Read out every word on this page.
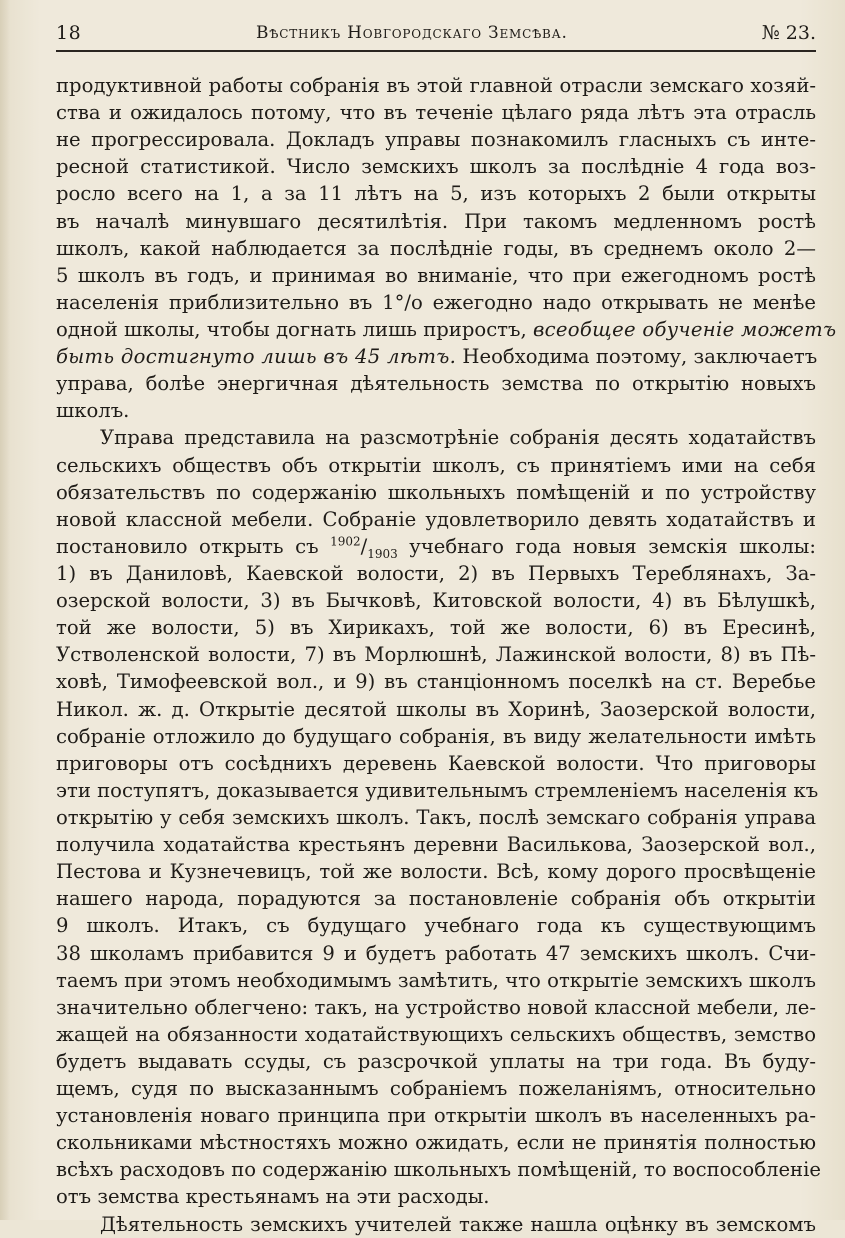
18	Вѣстникъ Новгородскаго Земсѣва.	№ 23.
продуктивной работы собранія въ этой главной отрасли земскаго хозяй-
ства и ожидалось потому, что въ теченіе цѣлаго ряда лѣтъ эта отрасль
не прогрессировала. Докладъ управы познакомилъ гласныхъ съ инте-
ресной статистикой. Число земскихъ школъ за послѣдніе 4 года воз-
росло всего на 1, а за 11 лѣтъ на 5, изъ которыхъ 2 были открыты
въ началѣ минувшаго десятилѣтія. При такомъ медленномъ ростѣ
школъ, какой наблюдается за послѣдніе годы, въ среднемъ около 2—
5 школъ въ годъ, и принимая во вниманіе, что при ежегодномъ ростѣ
населенія приблизительно въ 1°/o ежегодно надо открывать не менѣе
одной школы, чтобы догнать лишь приростъ, всеобщее обученіе можетъ
быть достигнуто лишь въ 45 лѣтъ. Необходима поэтому, заключаетъ
управа, болѣе энергичная дѣятельность земства по открытію новыхъ
школъ.
Управа представила на разсмотрѣніе собранія десять ходатайствъ
сельскихъ обществъ объ открытіи школъ, съ принятіемъ ими на себя
обязательствъ по содержанію школьныхъ помѣщеній и по устройству
новой классной мебели. Собраніе удовлетворило девять ходатайствъ и
постановило открыть съ $^{1902}/_{1903}$ учебнаго года новыя земскія школы:
1) въ Даниловѣ, Каевской волости, 2) въ Первыхъ Тереблянахъ, За-
озерской волости, 3) въ Бычковѣ, Китовской волости, 4) въ Бѣлушкѣ,
той же волости, 5) въ Хирикахъ, той же волости, 6) въ Ересинѣ,
Устволенской волости, 7) въ Морлюшнѣ, Лажинской волости, 8) въ Пѣ-
ховѣ, Тимофеевской вол., и 9) въ станціонномъ поселкѣ на ст. Веребье
Никол. ж. д. Открытіе десятой школы въ Хоринѣ, Заозерской волости,
собраніе отложило до будущаго собранія, въ виду желательности имѣть
приговоры отъ сосѣднихъ деревень Каевской волости. Что приговоры
эти поступятъ, доказывается удивительнымъ стремленіемъ населенія къ
открытію у себя земскихъ школъ. Такъ, послѣ земскаго собранія управа
получила ходатайства крестьянъ деревни Василькова, Заозерской вол.,
Пестова и Кузнечевицъ, той же волости. Всѣ, кому дорого просвѣщеніе
нашего народа, порадуются за постановленіе собранія объ открытіи
9 школъ. Итакъ, съ будущаго учебнаго года къ существующимъ
38 школамъ прибавится 9 и будетъ работать 47 земскихъ школъ. Счи-
таемъ при этомъ необходимымъ замѣтить, что открытіе земскихъ школъ
значительно облегчено: такъ, на устройство новой классной мебели, ле-
жащей на обязанности ходатайствующихъ сельскихъ обществъ, земство
будетъ выдавать ссуды, съ разсрочкой уплаты на три года. Въ буду-
щемъ, судя по высказаннымъ собраніемъ пожеланіямъ, относительно
установленія новаго принципа при открытіи школъ въ населенныхъ ра-
скольниками мѣстностяхъ можно ожидать, если не принятія полностью
всѣхъ расходовъ по содержанію школьныхъ помѣщеній, то воспособленіе
отъ земства крестьянамъ на эти расходы.
Дѣятельность земскихъ учителей также нашла оцѣнку въ земскомъ
